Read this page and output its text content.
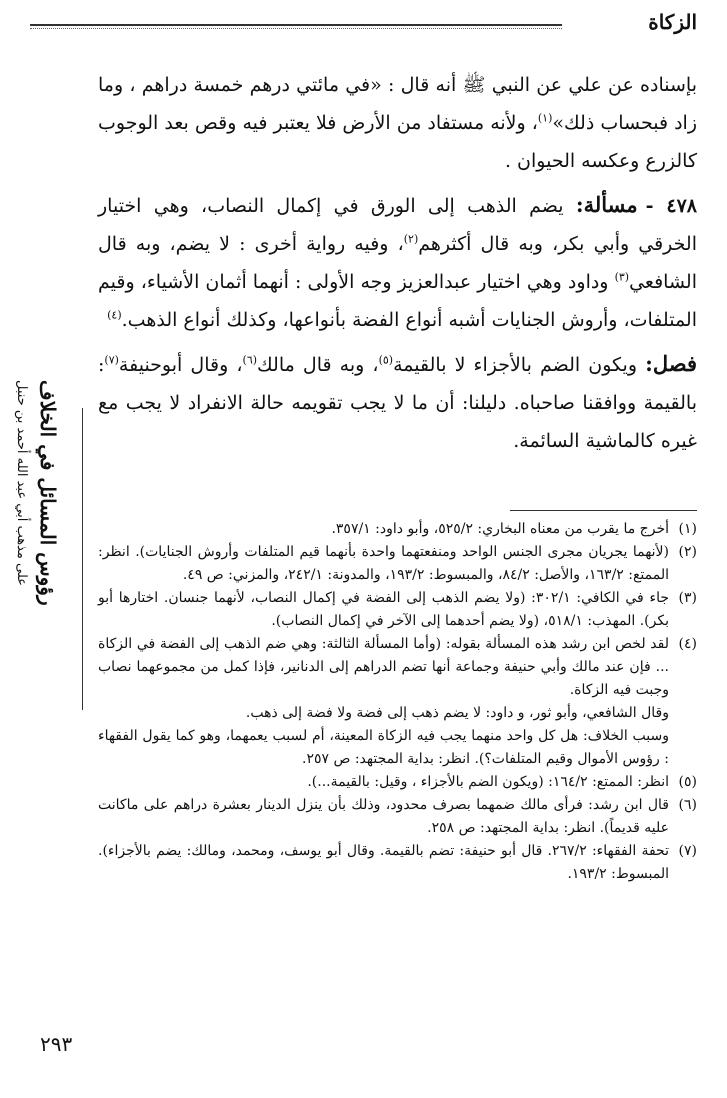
الزكاة

بإسناده عن علي عن النبي ﷺ أنه قال : «في مائتي درهم خمسة دراهم ، وما زاد فبحساب ذلك»$^{(١)}$، ولأنه مستفاد من الأرض فلا يعتبر فيه وقص بعد الوجوب كالزرع وعكسه الحيوان .

٤٧٨ -مسألة: يضم الذهب إلى الورق في إكمال النصاب، وهي اختيار الخرقي وأبي بكر، وبه قال أكثرهم$^{(٢)}$، وفيه رواية أخرى : لا يضم، وبه قال الشافعي$^{(٣)}$ وداود وهي اختيار عبدالعزيز وجه الأولى : أنهما أثمان الأشياء، وقيم المتلفات، وأروش الجنايات أشبه أنواع الفضة بأنواعها، وكذلك أنواع الذهب.$^{(٤)}$

فصل: ويكون الضم بالأجزاء لا بالقيمة$^{(٥)}$، وبه قال مالك$^{(٦)}$، وقال أبوحنيفة$^{(٧)}$: بالقيمة ووافقنا صاحباه. دليلنا: أن ما لا يجب تقويمه حالة الانفراد لا يجب مع غيره كالماشية السائمة.

(١)
أخرج ما يقرب من معناه البخاري: ٥٢٥/٢، وأبو داود: ٣٥٧/١.

(٢)
(لأنهما يجريان مجرى الجنس الواحد ومنفعتهما واحدة بأنهما قيم المتلفات وأروش الجنايات). انظر: الممتع: ١٦٣/٢، والأصل: ٨٤/٢، والمبسوط: ١٩٣/٢، والمدونة: ٢٤٢/١، والمزني: ص ٤٩.

(٣)
جاء في الكافي: ٣٠٢/١: (ولا يضم الذهب إلى الفضة في إكمال النصاب، لأنهما جنسان. اختارها أبو بكر). المهذب: ٥١٨/١، (ولا يضم أحدهما إلى الآخر في إكمال النصاب).

(٤)
لقد لخص ابن رشد هذه المسألة بقوله: (وأما المسألة الثالثة: وهي ضم الذهب إلى الفضة في الزكاة ... فإن عند مالك وأبي حنيفة وجماعة أنها تضم الدراهم إلى الدنانير، فإذا كمل من مجموعهما نصاب وجبت فيه الزكاة.

وقال الشافعي، وأبو ثور، و داود: لا يضم ذهب إلى فضة ولا فضة إلى ذهب.

وسبب الخلاف: هل كل واحد منهما يجب فيه الزكاة المعينة، أم لسبب يعمهما، وهو كما يقول الفقهاء : رؤوس الأموال وقيم المتلفات؟). انظر: بداية المجتهد: ص ٢٥٧.

(٥)
انظر: الممتع: ١٦٤/٢: (ويكون الضم بالأجزاء ، وقيل: بالقيمة...).

(٦)
قال ابن رشد: فرأى مالك ضمهما بصرف محدود، وذلك بأن ينزل الدينار بعشرة دراهم على ماكانت عليه قديماً). انظر: بداية المجتهد: ص ٢٥٨.

(٧)
تحفة الفقهاء: ٢٦٧/٢. قال أبو حنيفة: تضم بالقيمة. وقال أبو يوسف، ومحمد، ومالك: يضم بالأجزاء). المبسوط: ١٩٣/٢.

رؤوس المسائل في الخلاف
على مذهب أبي عبد الله أحمد بن حنبل
٢٩٣
